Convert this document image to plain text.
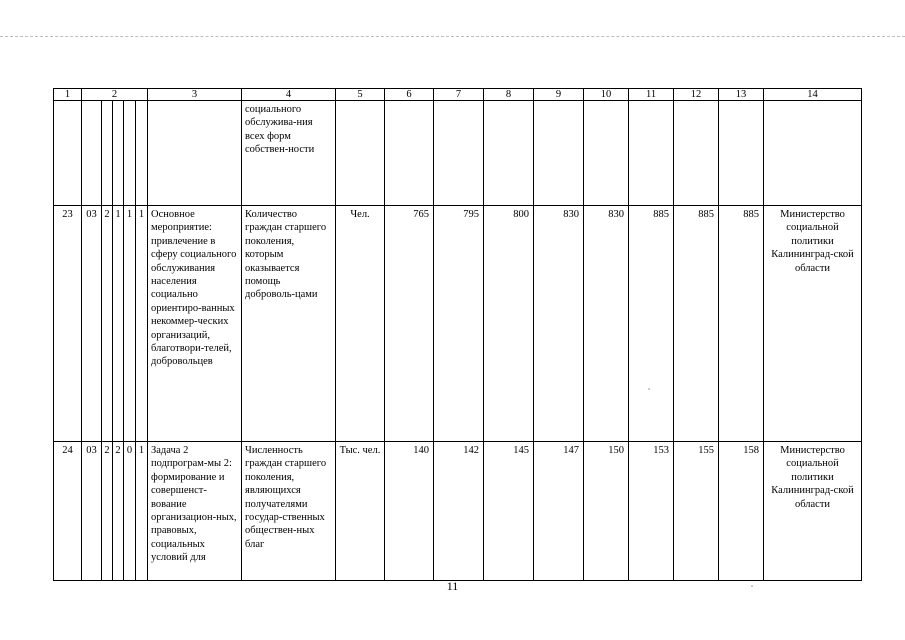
1	2					3	4	5	6	7	8	9	10	11	12	13	14
							социального обслужива-ния всех форм собствен-ности										
23	03	2	1	1	1	Основное мероприятие: привлечение в сферу социального обслуживания населения социально ориентиро-ванных некоммер-ческих организаций, благотвори-телей, добровольцев	Количество граждан старшего поколения, которым оказывается помощь доброволь-цами	Чел.	765	795	800	830	830	885	885	885	Министерство социальной политики Калининград-ской области
24	03	2	2	0	1	Задача 2 подпрограм-мы 2: формирование и совершенст-вование организацион-ных, правовых, социальных условий для	Численность граждан старшего поколения, являющихся получателями государ-ственных обществен-ных благ	Тыс. чел.	140	142	145	147	150	153	155	158	Министерство социальной политики Калининград-ской области
11
